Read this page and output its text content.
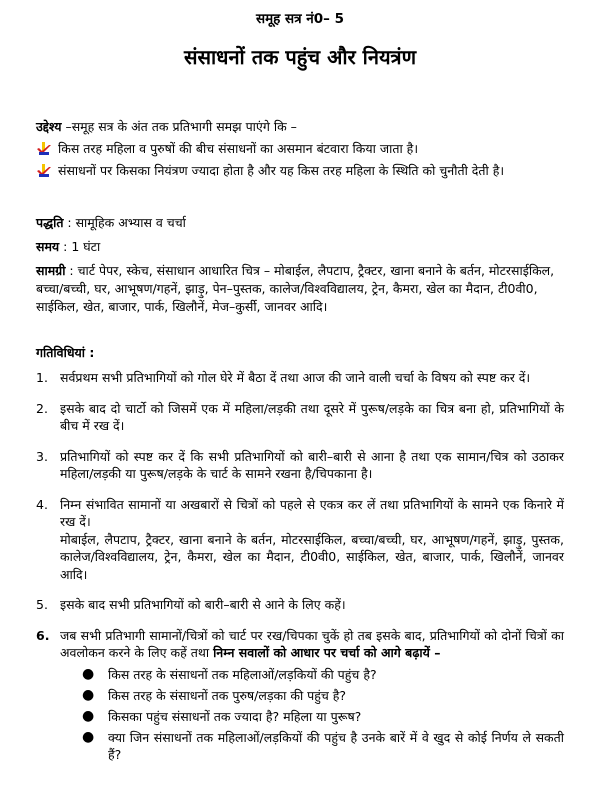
समूह सत्र नं0– 5
संसाधनों तक पहुंच और नियत्रंण
उद्देश्य –समूह सत्र के अंत तक प्रतिभागी समझ पाएंगे कि –
किस तरह महिला व पुरुषों की बीच संसाधनों का असमान बंटवारा किया जाता है।
संसाधनों पर किसका नियंत्रण ज्यादा होता है और यह किस तरह महिला के स्थिति को चुनौती देती है।
पद्धति : सामूहिक अभ्यास व चर्चा
समय : 1 घंटा
सामग्री : चार्ट पेपर, स्केच, संसाधान आधारित चित्र – मोबाईल, लैपटाप, ट्रैक्टर, खाना बनाने के बर्तन, मोटरसाईकिल, बच्चा/बच्ची, घर, आभूषण/गहनें, झाड़ु, पेन–पुस्तक, कालेज/विश्वविद्यालय, ट्रेन, कैमरा, खेल का मैदान, टी0वी0, साईकिल, खेत, बाजार, पार्क, खिलौनें, मेज–कुर्सी, जानवर आदि।
गतिविधियां :
1. सर्वप्रथम सभी प्रतिभागियों को गोल घेरे में बैठा दें तथा आज की जाने वाली चर्चा के विषय को स्पष्ट कर दें।
2. इसके बाद दो चार्टो को जिसमें एक में महिला/लड़की तथा दूसरे में पुरूष/लड़के का चित्र बना हो, प्रतिभागियों के बीच में रख दें।
3. प्रतिभागियों को स्पष्ट कर दें कि सभी प्रतिभागियों को बारी–बारी से आना है तथा एक सामान/चित्र को उठाकर महिला/लड़की या पुरूष/लड़के के चार्ट के सामने रखना है/चिपकाना है।
4. निम्न संभावित सामानों या अखबारों से चित्रों को पहले से एकत्र कर लें तथा प्रतिभागियों के सामने एक किनारे में रख दें।
मोबाईल, लैपटाप, ट्रैक्टर, खाना बनाने के बर्तन, मोटरसाईकिल, बच्चा/बच्ची, घर, आभूषण/गहनें, झाड़ु, पुस्तक, कालेज/विश्वविद्यालय, ट्रेन, कैमरा, खेल का मैदान, टी0वी0, साईकिल, खेत, बाजार, पार्क, खिलौनें, जानवर आदि।
5. इसके बाद सभी प्रतिभागियों को बारी–बारी से आने के लिए कहें।
6. जब सभी प्रतिभागी सामानों/चित्रों को चार्ट पर रख/चिपका चुकें हो तब इसके बाद, प्रतिभागियों को दोनों चित्रों का अवलोकन करने के लिए कहें तथा निम्न सवालों को आधार पर चर्चा को आगे बढ़ायें –
●	किस तरह के संसाधनों तक महिलाओं/लड़कियों की पहुंच है?
●	किस तरह के संसाधनों तक पुरुष/लड़का की पहुंच है?
●	किसका पहुंच संसाधनों तक ज्यादा है? महिला या पुरूष?
●	क्या जिन संसाधनों तक महिलाओं/लड़कियों की पहुंच है उनके बारें में वे खुद से कोई निर्णय ले सकती हैं?
